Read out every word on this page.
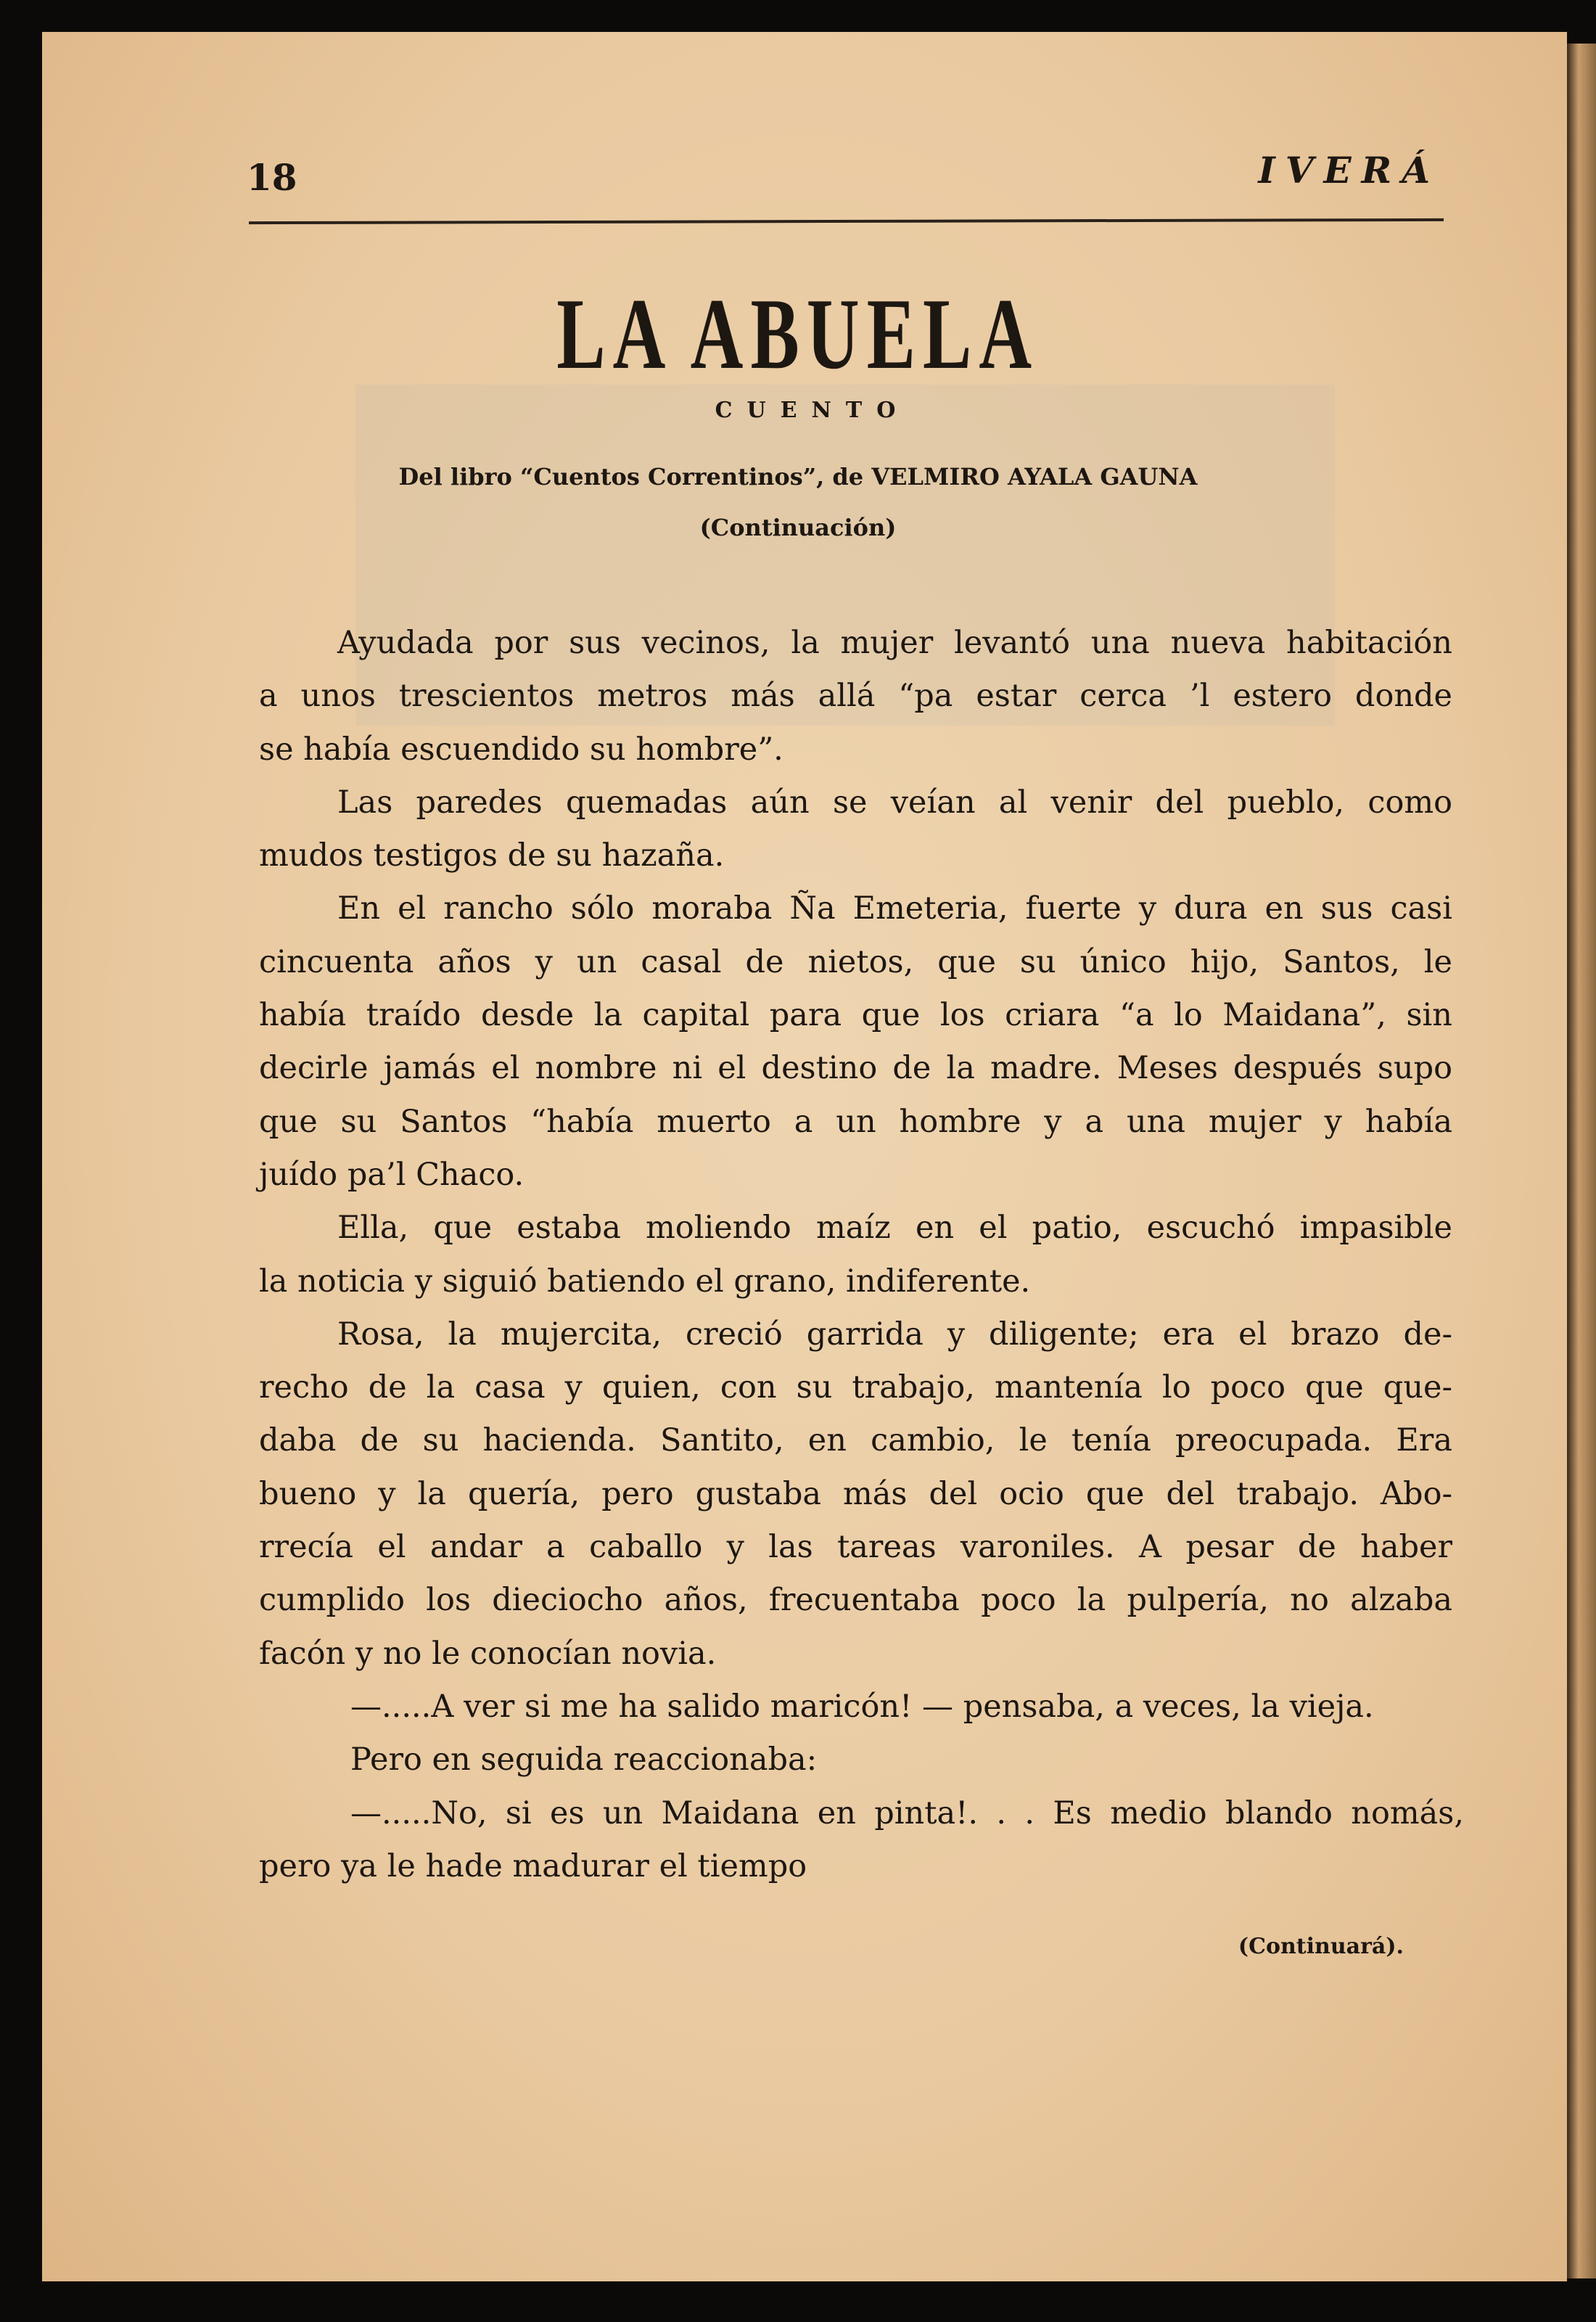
18	IVERÁ
LA ABUELA
CUENTO
Del libro “Cuentos Correntinos”, de VELMIRO AYALA GAUNA
(Continuación)
Ayudada por sus vecinos, la mujer levantó una nueva habitación
a unos trescientos metros más allá “pa estar cerca ’l estero donde
se había escuendido su hombre”.
Las paredes quemadas aún se veían al venir del pueblo, como
mudos testigos de su hazaña.
En el rancho sólo moraba Ña Emeteria, fuerte y dura en sus casi
cincuenta años y un casal de nietos, que su único hijo, Santos, le
había traído desde la capital para que los criara “a lo Maidana”, sin
decirle jamás el nombre ni el destino de la madre. Meses después supo
que su Santos “había muerto a un hombre y a una mujer y había
juído pa’l Chaco.
Ella, que estaba moliendo maíz en el patio, escuchó impasible
la noticia y siguió batiendo el grano, indiferente.
Rosa, la mujercita, creció garrida y diligente; era el brazo de-
recho de la casa y quien, con su trabajo, mantenía lo poco que que-
daba de su hacienda. Santito, en cambio, le tenía preocupada. Era
bueno y la quería, pero gustaba más del ocio que del trabajo. Abo-
rrecía el andar a caballo y las tareas varoniles. A pesar de haber
cumplido los dieciocho años, frecuentaba poco la pulpería, no alzaba
facón y no le conocían novia.
—.....A ver si me ha salido maricón! — pensaba, a veces, la vieja.
Pero en seguida reaccionaba:
—.....No, si es un Maidana en pinta!. . . Es medio blando nomás,
pero ya le hade madurar el tiempo
(Continuará).
